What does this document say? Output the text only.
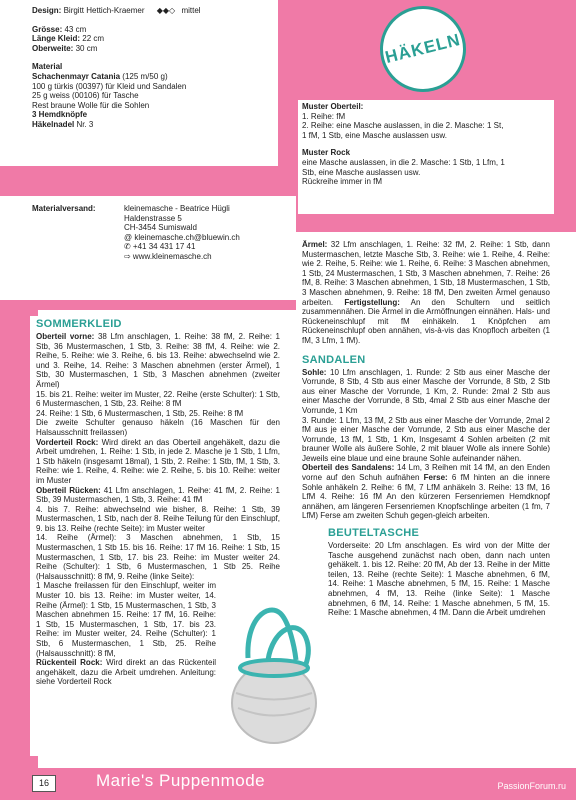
Design: Birgitt Hettich-Kraemer ◆◆◇ mittel

Grösse: 43 cm

Länge Kleid: 22 cm

Oberweite: 30 cm

Material

Schachenmayr Catania (125 m/50 g)

100 g türkis (00397) für Kleid und Sandalen

25 g weiss (00106) für Tasche

Rest braune Wolle für die Sohlen

3 Hemdknöpfe

Häkelnadel Nr. 3

HÄKELN

Muster Oberteil:

1. Reihe: fM

2. Reihe: eine Masche auslassen, in die 2. Masche: 1 St,

1 fM, 1 Stb, eine Masche auslassen usw.

Muster Rock

eine Masche auslassen, in die 2. Masche: 1 Stb, 1 Lfm, 1

Stb, eine Masche auslassen usw.

Rückreihe immer in fM

Materialversand:	kleinemasche - Beatrice Hügli

Haldenstrasse 5

CH-3454 Sumiswald

@ kleinemasche.ch@bluewin.ch

✆ +41 34 431 17 41

⇨ www.kleinemasche.ch

SOMMERKLEID

Oberteil vorne: 38 Lfm anschlagen, 1. Reihe: 38 fM, 2. Reihe: 1 Stb, 36 Mustermaschen, 1 Stb, 3. Reihe: 38 fM, 4. Reihe: wie 2. Reihe, 5. Reihe: wie 3. Reihe, 6. bis 13. Reihe: abwechselnd wie 2. und 3. Reihe, 14. Reihe: 3 Maschen abnehmen (erster Ärmel), 1 Stb, 30 Mustermaschen, 1 Stb, 3 Maschen abnehmen (zweiter Ärmel)

15. bis 21. Reihe: weiter im Muster, 22. Reihe (erste Schulter): 1 Stb, 6 Mustermaschen, 1 Stb, 23. Reihe: 8 fM

24. Reihe: 1 Stb, 6 Mustermaschen, 1 Stb, 25. Reihe: 8 fM

Die zweite Schulter genauso häkeln (16 Maschen für den Halsausschnitt freilassen)

Vorderteil Rock: Wird direkt an das Oberteil angehäkelt, dazu die Arbeit umdrehen, 1. Reihe: 1 Stb, in jede 2. Masche je 1 Stb, 1 Lfm, 1 Stb häkeln (insgesamt 18mal), 1 Stb, 2. Reihe: 1 Stb, fM, 1 Stb, 3. Reihe: wie 1. Reihe, 4. Reihe: wie 2. Reihe, 5. bis 10. Reihe: weiter im Muster

Oberteil Rücken: 41 Lfm anschlagen, 1. Reihe: 41 fM, 2. Reihe: 1 Stb, 39 Mustermaschen, 1 Stb, 3. Reihe: 41 fM

4. bis 7. Reihe: abwechselnd wie bisher, 8. Reihe: 1 Stb, 39 Mustermaschen, 1 Stb, nach der 8. Reihe Teilung für den Einschlupf, 9. bis 13. Reihe (rechte Seite): im Muster weiter

14. Reihe (Ärmel): 3 Maschen abnehmen, 1 Stb, 15 Mustermaschen, 1 Stb 15. bis 16. Reihe: 17 fM 16. Reihe: 1 Stb, 15 Mustermaschen, 1 Stb, 17. bis 23. Reihe: im Muster weiter 24. Reihe (Schulter): 1 Stb, 6 Mustermaschen, 1 Stb 25. Reihe (Halsausschnitt): 8 fM, 9. Reihe (linke Seite):

1 Masche freilassen für den Einschlupf, weiter im Muster 10. bis 13. Reihe: im Muster weiter, 14. Reihe (Ärmel): 1 Stb, 15 Mustermaschen, 1 Stb, 3 Maschen abnehmen 15. Reihe: 17 fM, 16. Reihe: 1 Stb, 15 Mustermaschen, 1 Stb, 17. bis 23. Reihe: im Muster weiter, 24. Reihe (Schulter): 1 Stb, 6 Mustermaschen, 1 Stb, 25. Reihe (Halsausschnitt): 8 fM,

Rückenteil Rock: Wird direkt an das Rückenteil angehäkelt, dazu die Arbeit umdrehen. Anleitung: siehe Vorderteil Rock

Ärmel: 32 Lfm anschlagen, 1. Reihe: 32 fM, 2. Reihe: 1 Stb, dann Mustermaschen, letzte Masche Stb, 3. Reihe: wie 1. Reihe, 4. Reihe: wie 2. Reihe, 5. Reihe: wie 1. Reihe, 6. Reihe: 3 Maschen abnehmen, 1 Stb, 24 Mustermaschen, 1 Stb, 3 Maschen abnehmen, 7. Reihe: 26 fM, 8. Reihe: 3 Maschen abnehmen, 1 Stb, 18 Mustermaschen, 1 Stb, 3 Maschen abnehmen, 9. Reihe: 18 fM, Den zweiten Ärmel genauso arbeiten. Fertigstellung: An den Schultern und seitlich zusammennähen. Die Ärmel in die Armöffnungen einnähen. Hals- und Rückeneinschlupf mit fM einhäkeln. 1 Knöpfchen am Rückeneinschlupf oben annähen, vis-à-vis das Knopfloch arbeiten (1 fM, 3 Lfm, 1 fM).

SANDALEN

Sohle: 10 Lfm anschlagen, 1. Runde: 2 Stb aus einer Masche der Vorrunde, 8 Stb, 4 Stb aus einer Masche der Vorrunde, 8 Stb, 2 Stb aus einer Masche der Vorrunde, 1 Km, 2. Runde: 2mal 2 Stb aus einer Masche der Vorrunde, 8 Stb, 4mal 2 Stb aus einer Masche der Vorrunde, 1 Km

3. Runde: 1 Lfm, 13 fM, 2 Stb aus einer Masche der Vorrunde, 2mal 2 fM aus je einer Masche der Vorrunde, 2 Stb aus einer Masche der Vorrunde, 13 fM, 1 Stb, 1 Km, Insgesamt 4 Sohlen arbeiten (2 mit brauner Wolle als äußere Sohle, 2 mit blauer Wolle als innere Sohle) Jeweils eine blaue und eine braune Sohle aufeinander nähen.

Oberteil des Sandalens: 14 Lm, 3 Reihen mit 14 fM, an den Enden vorne auf den Schuh aufnähen Ferse: 6 fM hinten an die innere Sohle anhäkeln 2. Reihe: 6 fM, 7 LfM anhäkeln 3. Reihe: 13 fM, 16 LfM 4. Reihe: 16 fM An den kürzeren Fersenriemen Hemdknopf annähen, am längeren Fersenriemen Knopfschlinge arbeiten (1 fm, 7 LfM) Ferse am zweiten Schuh gegen-gleich arbeiten.

BEUTELTASCHE

Vorderseite: 20 Lfm anschlagen. Es wird von der Mitte der Tasche ausgehend zunächst nach oben, dann nach unten gehäkelt. 1. bis 12. Reihe: 20 fM, Ab der 13. Reihe in der Mitte teilen, 13. Reihe (rechte Seite): 1 Masche abnehmen, 6 fM, 14. Reihe: 1 Masche abnehmen, 5 fM, 15. Reihe: 1 Masche abnehmen, 4 fM, 13. Reihe (linke Seite): 1 Masche abnehmen, 6 fM, 14. Reihe: 1 Masche abnehmen, 5 fM, 15. Reihe: 1 Masche abnehmen, 4 fM. Dann die Arbeit umdrehen

16	Marie's Puppenmode	PassionForum.ru
